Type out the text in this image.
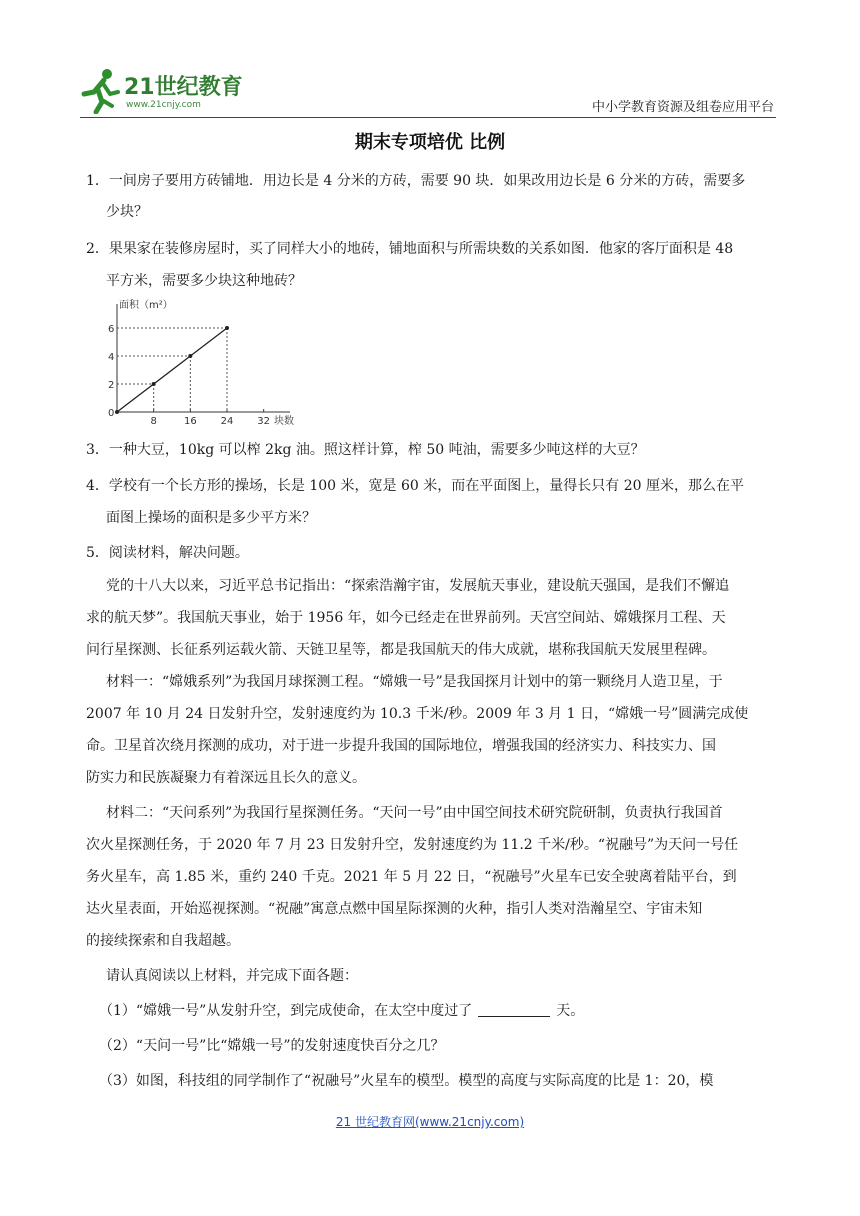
21世纪教育
www.21cnjy.com	中小学教育资源及组卷应用平台
期末专项培优 比例
1．一间房子要用方砖铺地．用边长是 4 分米的方砖，需要 90 块．如果改用边长是 6 分米的方砖，需要多
少块？
2．果果家在装修房屋时，买了同样大小的地砖，铺地面积与所需块数的关系如图．他家的客厅面积是 48
平方米，需要多少块这种地砖？
面积（m²）
块数
0
2
4
6
8	16 24 32
3．一种大豆，10kg 可以榨 2kg 油。照这样计算，榨 50 吨油，需要多少吨这样的大豆？
4．学校有一个长方形的操场，长是 100 米，宽是 60 米，而在平面图上，量得长只有 20 厘米，那么在平
面图上操场的面积是多少平方米？
5．阅读材料，解决问题。
党的十八大以来，习近平总书记指出：“探索浩瀚宇宙，发展航天事业，建设航天强国，是我们不懈追
求的航天梦”。我国航天事业，始于 1956 年，如今已经走在世界前列。天宫空间站、嫦娥探月工程、天
问行星探测、长征系列运载火箭、天链卫星等，都是我国航天的伟大成就，堪称我国航天发展里程碑。
材料一：“嫦娥系列”为我国月球探测工程。“嫦娥一号”是我国探月计划中的第一颗绕月人造卫星，于
2007 年 10 月 24 日发射升空，发射速度约为 10.3 千米/秒。2009 年 3 月 1 日，“嫦娥一号”圆满完成使
命。卫星首次绕月探测的成功，对于进一步提升我国的国际地位，增强我国的经济实力、科技实力、国
防实力和民族凝聚力有着深远且长久的意义。
材料二：“天问系列”为我国行星探测任务。“天问一号”由中国空间技术研究院研制，负责执行我国首
次火星探测任务，于 2020 年 7 月 23 日发射升空，发射速度约为 11.2 千米/秒。“祝融号”为天问一号任
务火星车，高 1.85 米，重约 240 千克。2021 年 5 月 22 日，“祝融号”火星车已安全驶离着陆平台，到
达火星表面，开始巡视探测。“祝融”寓意点燃中国星际探测的火种，指引人类对浩瀚星空、宇宙未知
的接续探索和自我超越。
请认真阅读以上材料，并完成下面各题：
（1）“嫦娥一号”从发射升空，到完成使命，在太空中度过了	天。
（2）“天问一号”比“嫦娥一号”的发射速度快百分之几？
（3）如图，科技组的同学制作了“祝融号”火星车的模型。模型的高度与实际高度的比是 1：20，模
21 世纪教育网(www.21cnjy.com)
